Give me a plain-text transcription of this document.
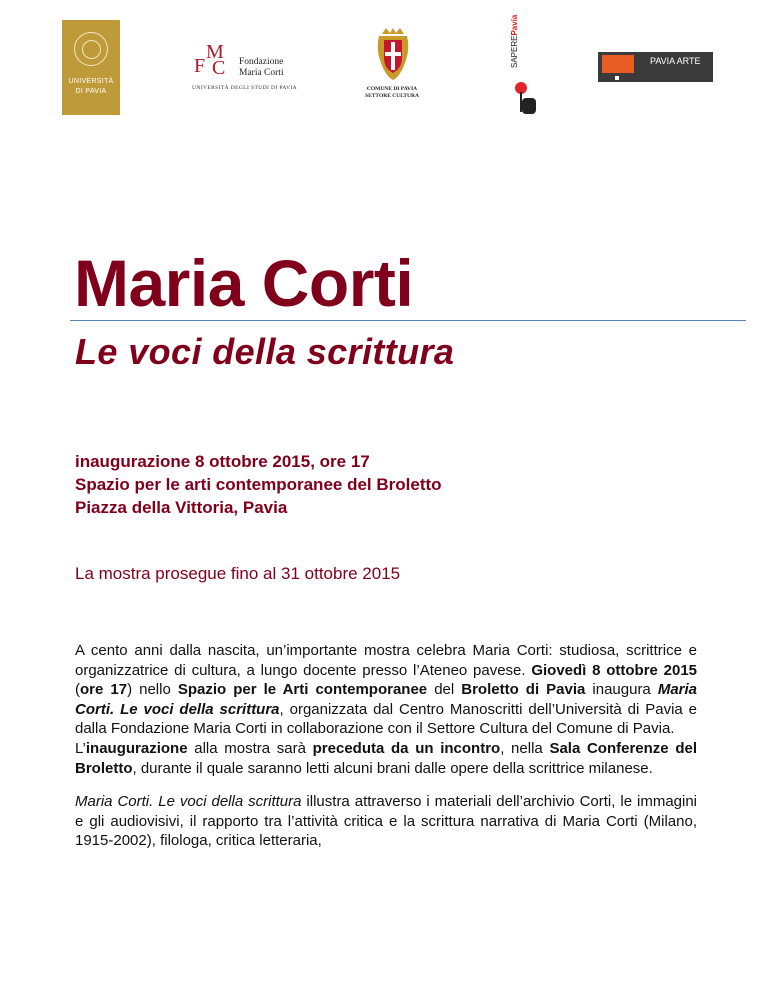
UNIVERSITÀ
DI PAVIA
M
F C Fondazione
Maria Corti
UNIVERSITÀ DEGLI STUDI DI PAVIA	COMUNE DI PAVIA
SETTORE CULTURA
SAPEREPavia
PAVIA ARTE
Maria Corti
Le voci della scrittura
inaugurazione 8 ottobre 2015, ore 17
Spazio per le arti contemporanee del Broletto
Piazza della Vittoria, Pavia
La mostra prosegue fino al 31 ottobre 2015

A cento anni dalla nascita, un’importante mostra celebra Maria Corti: studiosa, scrittrice e organizzatrice di cultura, a lungo docente presso l’Ateneo pavese. Giovedì 8 ottobre 2015 (ore 17) nello Spazio per le Arti contemporanee del Broletto di Pavia inaugura Maria Corti. Le voci della scrittura, organizzata dal Centro Manoscritti dell’Università di Pavia e dalla Fondazione Maria Corti in collaborazione con il Settore Cultura del Comune di Pavia.

L’inaugurazione alla mostra sarà preceduta da un incontro, nella Sala Conferenze del Broletto, durante il quale saranno letti alcuni brani dalle opere della scrittrice milanese.

Maria Corti. Le voci della scrittura illustra attraverso i materiali dell’archivio Corti, le immagini e gli audiovisivi, il rapporto tra l’attività critica e la scrittura narrativa di Maria Corti (Milano, 1915-2002), filologa, critica letteraria,
